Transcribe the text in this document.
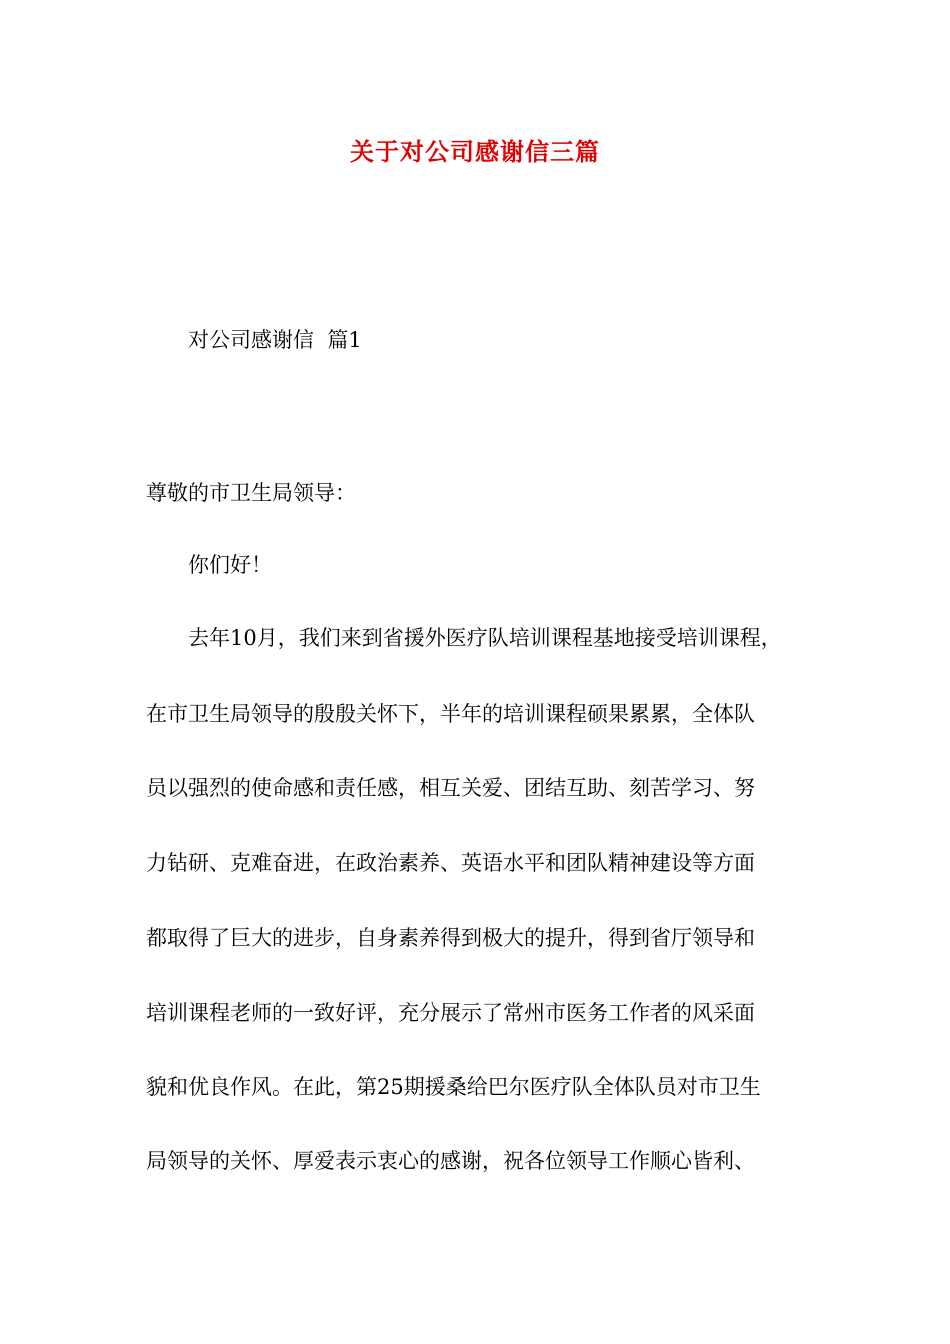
关于对公司感谢信三篇
对公司感谢信  篇1
尊敬的市卫生局领导：
你们好！
去年10月，我们来到省援外医疗队培训课程基地接受培训课程，
在市卫生局领导的殷殷关怀下，半年的培训课程硕果累累，全体队
员以强烈的使命感和责任感，相互关爱、团结互助、刻苦学习、努
力钻研、克难奋进，在政治素养、英语水平和团队精神建设等方面
都取得了巨大的进步，自身素养得到极大的提升，得到省厅领导和
培训课程老师的一致好评，充分展示了常州市医务工作者的风采面
貌和优良作风。在此，第25期援桑给巴尔医疗队全体队员对市卫生
局领导的关怀、厚爱表示衷心的感谢，祝各位领导工作顺心皆利、
